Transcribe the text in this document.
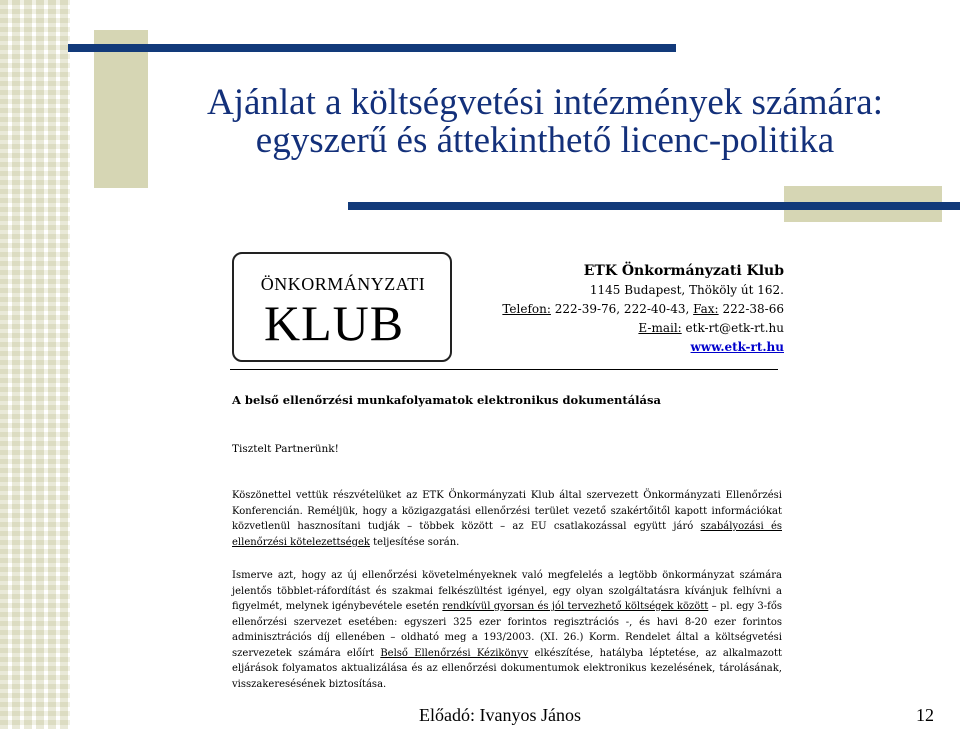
Ajánlat a költségvetési intézmények számára:
egyszerű és áttekinthető licenc-politika
ÖNKORMÁNYZATI
KLUB
ETK Önkormányzati Klub
1145 Budapest, Thököly út 162.
Telefon: 222-39-76, 222-40-43, Fax: 222-38-66
E-mail: etk-rt@etk-rt.hu
www.etk-rt.hu
A belső ellenőrzési munkafolyamatok elektronikus dokumentálása
Tisztelt Partnerünk!
Köszönettel vettük részvételüket az ETK Önkormányzati Klub által szervezett Önkormányzati Ellenőrzési Konferencián. Reméljük, hogy a közigazgatási ellenőrzési terület vezető szakértőitől kapott információkat közvetlenül hasznosítani tudják – többek között – az EU csatlakozással együtt járó szabályozási és ellenőrzési kötelezettségek teljesítése során.
Ismerve azt, hogy az új ellenőrzési követelményeknek való megfelelés a legtöbb önkormányzat számára jelentős többlet-ráfordítást és szakmai felkészültést igényel, egy olyan szolgáltatásra kívánjuk felhívni a figyelmét, melynek igénybevétele esetén rendkívül gyorsan és jól tervezhető költségek között – pl. egy 3-fős ellenőrzési szervezet esetében: egyszeri 325 ezer forintos regisztrációs -, és havi 8-20 ezer forintos adminisztrációs díj ellenében – oldható meg a 193/2003. (XI. 26.) Korm. Rendelet által a költségvetési szervezetek számára előírt Belső Ellenőrzési Kézikönyv elkészítése, hatályba léptetése, az alkalmazott eljárások folyamatos aktualizálása és az ellenőrzési dokumentumok elektronikus kezelésének, tárolásának, visszakeresésének biztosítása.
Előadó: Ivanyos János	12
